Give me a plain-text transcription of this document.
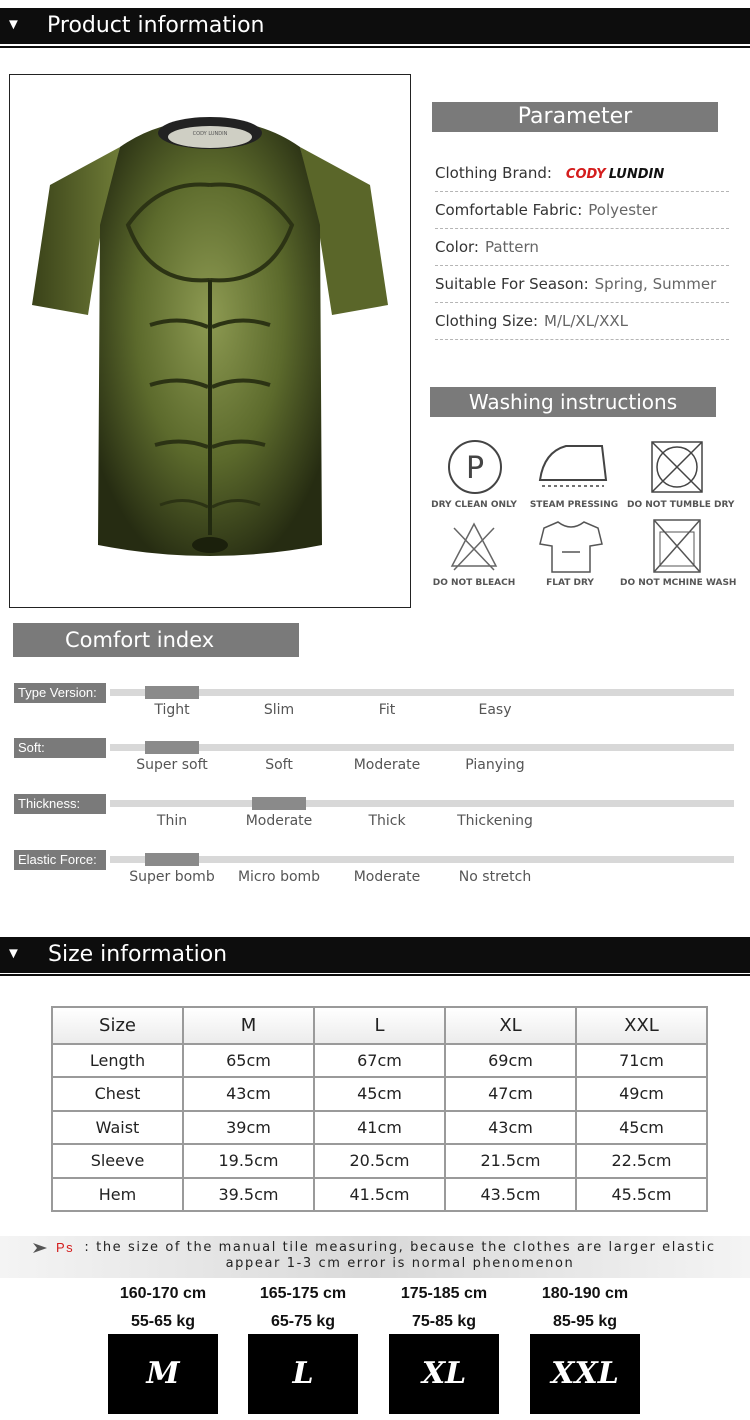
▼ Product information
CODY LUNDIN
Parameter
Clothing Brand: CODY LUNDIN
Comfortable Fabric: Polyester
Color: Pattern
Suitable For Season: Spring, Summer
Clothing Size: M/L/XL/XXL
Washing instructions
P
DRY CLEAN ONLY	STEAM PRESSING DO NOT TUMBLE DRY
DO NOT BLEACH	FLAT DRY	DO NOT MCHINE WASH
Comfort index
Type Version:
Tight	Slim	Fit	Easy
Soft:
Super soft	Soft	Moderate	Pianying
Thickness:
Thin	Moderate	Thick	Thickening
Elastic Force:
Super bomb	Micro bomb	Moderate	No stretch
▼ Size information
Size	M	L	XL	XXL
Length	65cm	67cm	69cm	71cm
Chest	43cm	45cm	47cm	49cm
Waist	39cm	41cm	43cm	45cm
Sleeve	19.5cm	20.5cm	21.5cm	22.5cm
Hem	39.5cm	41.5cm	43.5cm	45.5cm
Ps : the size of the manual tile measuring, because the clothes are larger elastic appear 1-3 cm error is normal phenomenon
160-170 cm
55-65 kg
M
165-175 cm
65-75 kg
L
175-185 cm
75-85 kg
XL
180-190 cm
85-95 kg
XXL
